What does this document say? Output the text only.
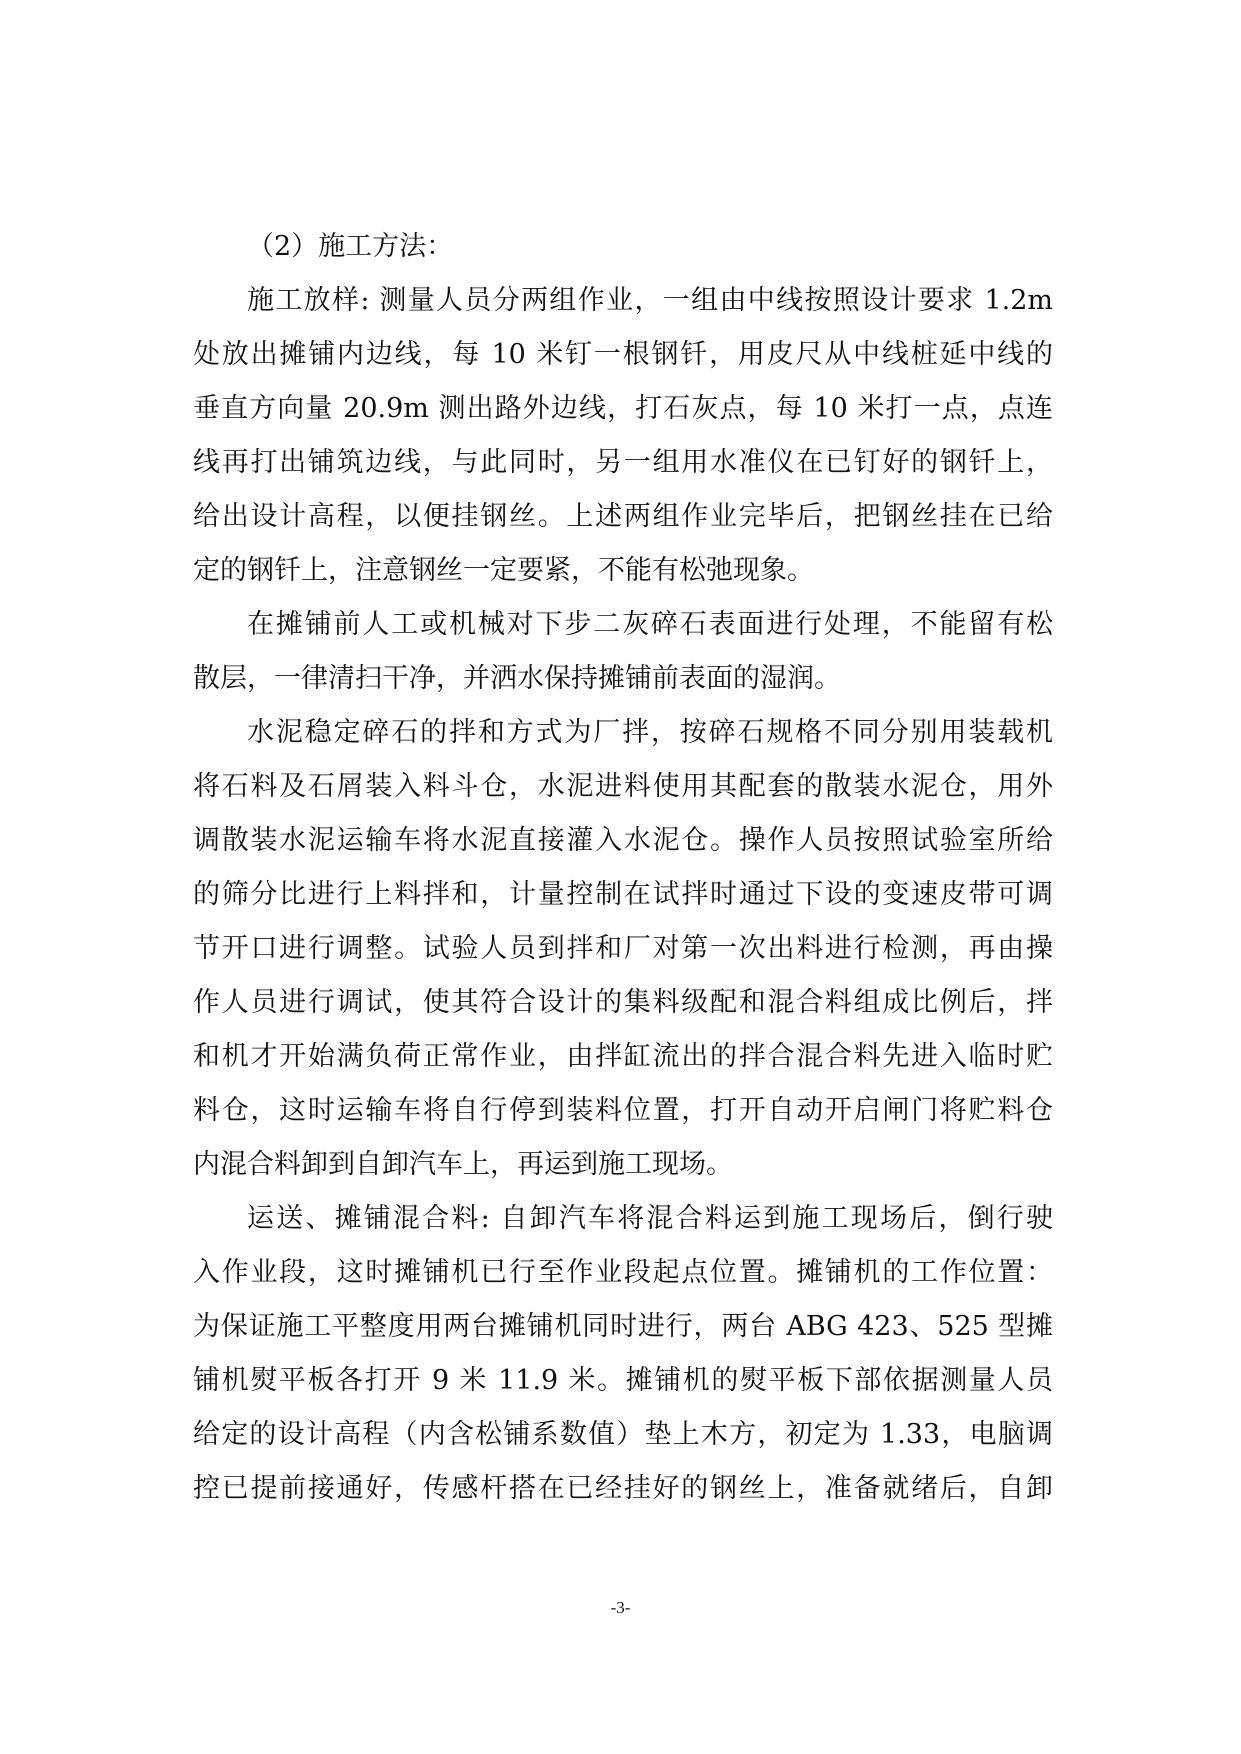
（2）施工方法：
施工放样: 测量人员分两组作业，一组由中线按照设计要求 1.2m
处放出摊铺内边线，每 10 米钉一根钢钎，用皮尺从中线桩延中线的
垂直方向量 20.9m 测出路外边线，打石灰点，每 10 米打一点，点连
线再打出铺筑边线，与此同时，另一组用水准仪在已钉好的钢钎上，
给出设计高程，以便挂钢丝。上述两组作业完毕后，把钢丝挂在已给
定的钢钎上，注意钢丝一定要紧，不能有松弛现象。
在摊铺前人工或机械对下步二灰碎石表面进行处理，不能留有松
散层，一律清扫干净，并洒水保持摊铺前表面的湿润。
水泥稳定碎石的拌和方式为厂拌，按碎石规格不同分别用装载机
将石料及石屑装入料斗仓，水泥进料使用其配套的散装水泥仓，用外
调散装水泥运输车将水泥直接灌入水泥仓。操作人员按照试验室所给
的筛分比进行上料拌和，计量控制在试拌时通过下设的变速皮带可调
节开口进行调整。试验人员到拌和厂对第一次出料进行检测，再由操
作人员进行调试，使其符合设计的集料级配和混合料组成比例后，拌
和机才开始满负荷正常作业，由拌缸流出的拌合混合料先进入临时贮
料仓，这时运输车将自行停到装料位置，打开自动开启闸门将贮料仓
内混合料卸到自卸汽车上，再运到施工现场。
运送、摊铺混合料: 自卸汽车将混合料运到施工现场后，倒行驶
入作业段，这时摊铺机已行至作业段起点位置。摊铺机的工作位置：
为保证施工平整度用两台摊铺机同时进行，两台 ABG 423、525 型摊
铺机熨平板各打开 9 米 11.9 米。摊铺机的熨平板下部依据测量人员
给定的设计高程（内含松铺系数值）垫上木方，初定为 1.33，电脑调
控已提前接通好，传感杆搭在已经挂好的钢丝上，准备就绪后，自卸
-3-
